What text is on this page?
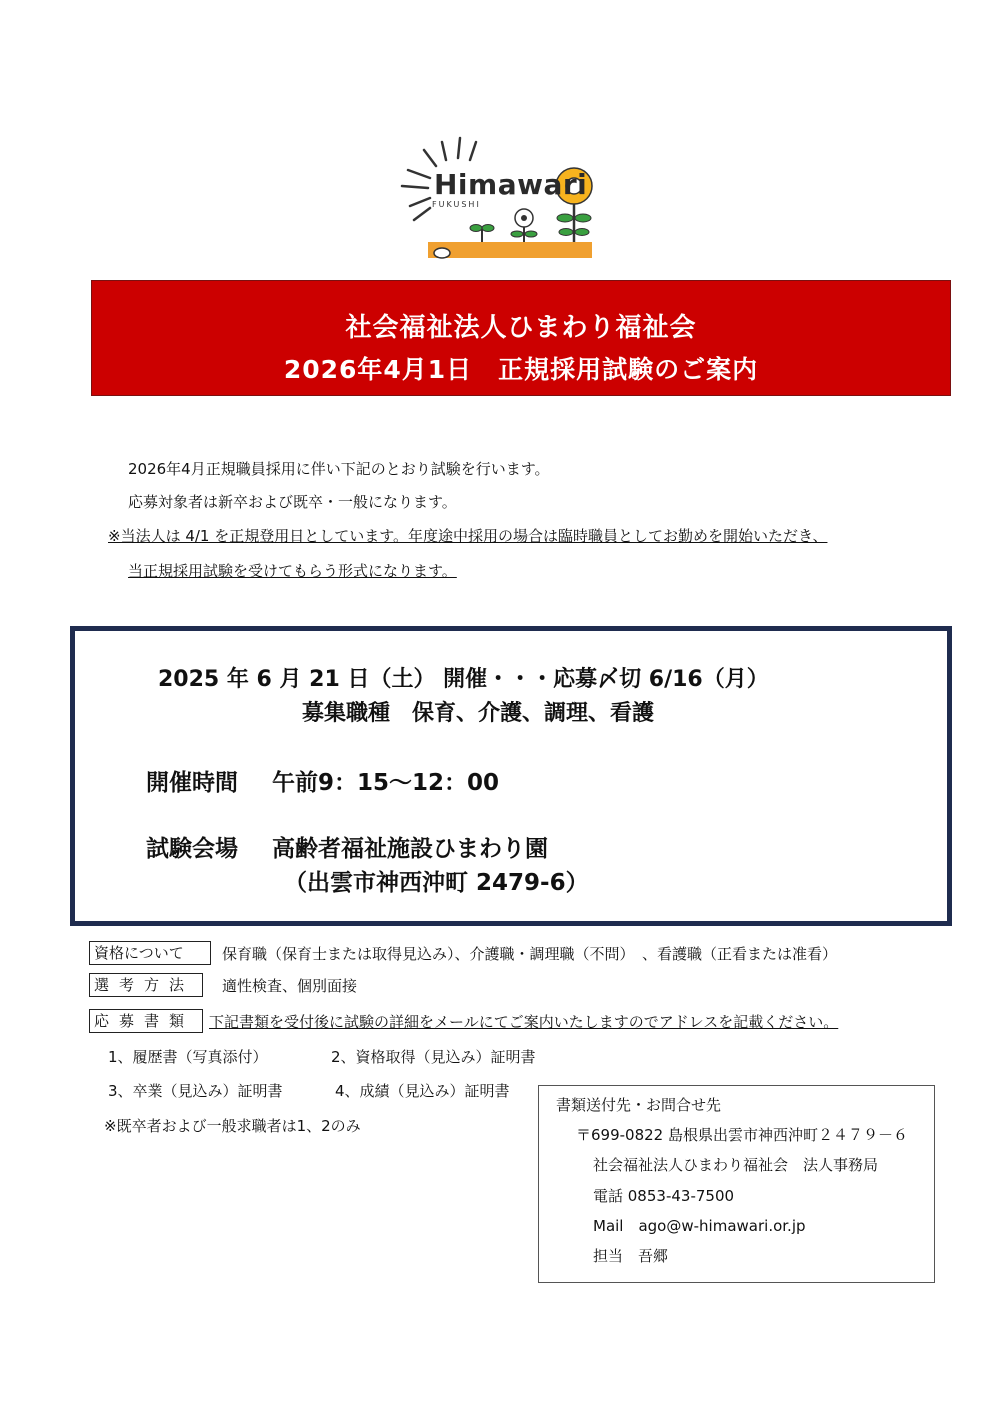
Himawari
FUKUSHI
社会福祉法人ひまわり福祉会
2026年4月1日　正規採用試験のご案内
2026年4月正規職員採用に伴い下記のとおり試験を行います。
応募対象者は新卒および既卒・一般になります。
※当法人は 4/1 を正規登用日としています。年度途中採用の場合は臨時職員としてお勤めを開始いただき、
当正規採用試験を受けてもらう形式になります。
2025 年 6 月 21 日（土） 開催・・・応募〆切 6/16（月）
募集職種　保育、介護、調理、看護
開催時間 午前9：15～12：00
試験会場 高齢者福祉施設ひまわり園
（出雲市神西沖町 2479-6）
資格について	保育職（保育士または取得見込み）、介護職・調理職（不問）　、看護職（正看または准看）
選考方法	適性検査、個別面接
応募書類 下記書類を受付後に試験の詳細をメールにてご案内いたしますのでアドレスを記載ください。
1、履歴書（写真添付）	2、資格取得（見込み）証明書
3、卒業（見込み）証明書	4、成績（見込み）証明書
※既卒者および一般求職者は1、2のみ
書類送付先・お問合せ先
〒699-0822 島根県出雲市神西沖町２４７９－６
社会福祉法人ひまわり福祉会　法人事務局
電話 0853-43-7500
Mail　ago@w-himawari.or.jp
担当　吾郷
